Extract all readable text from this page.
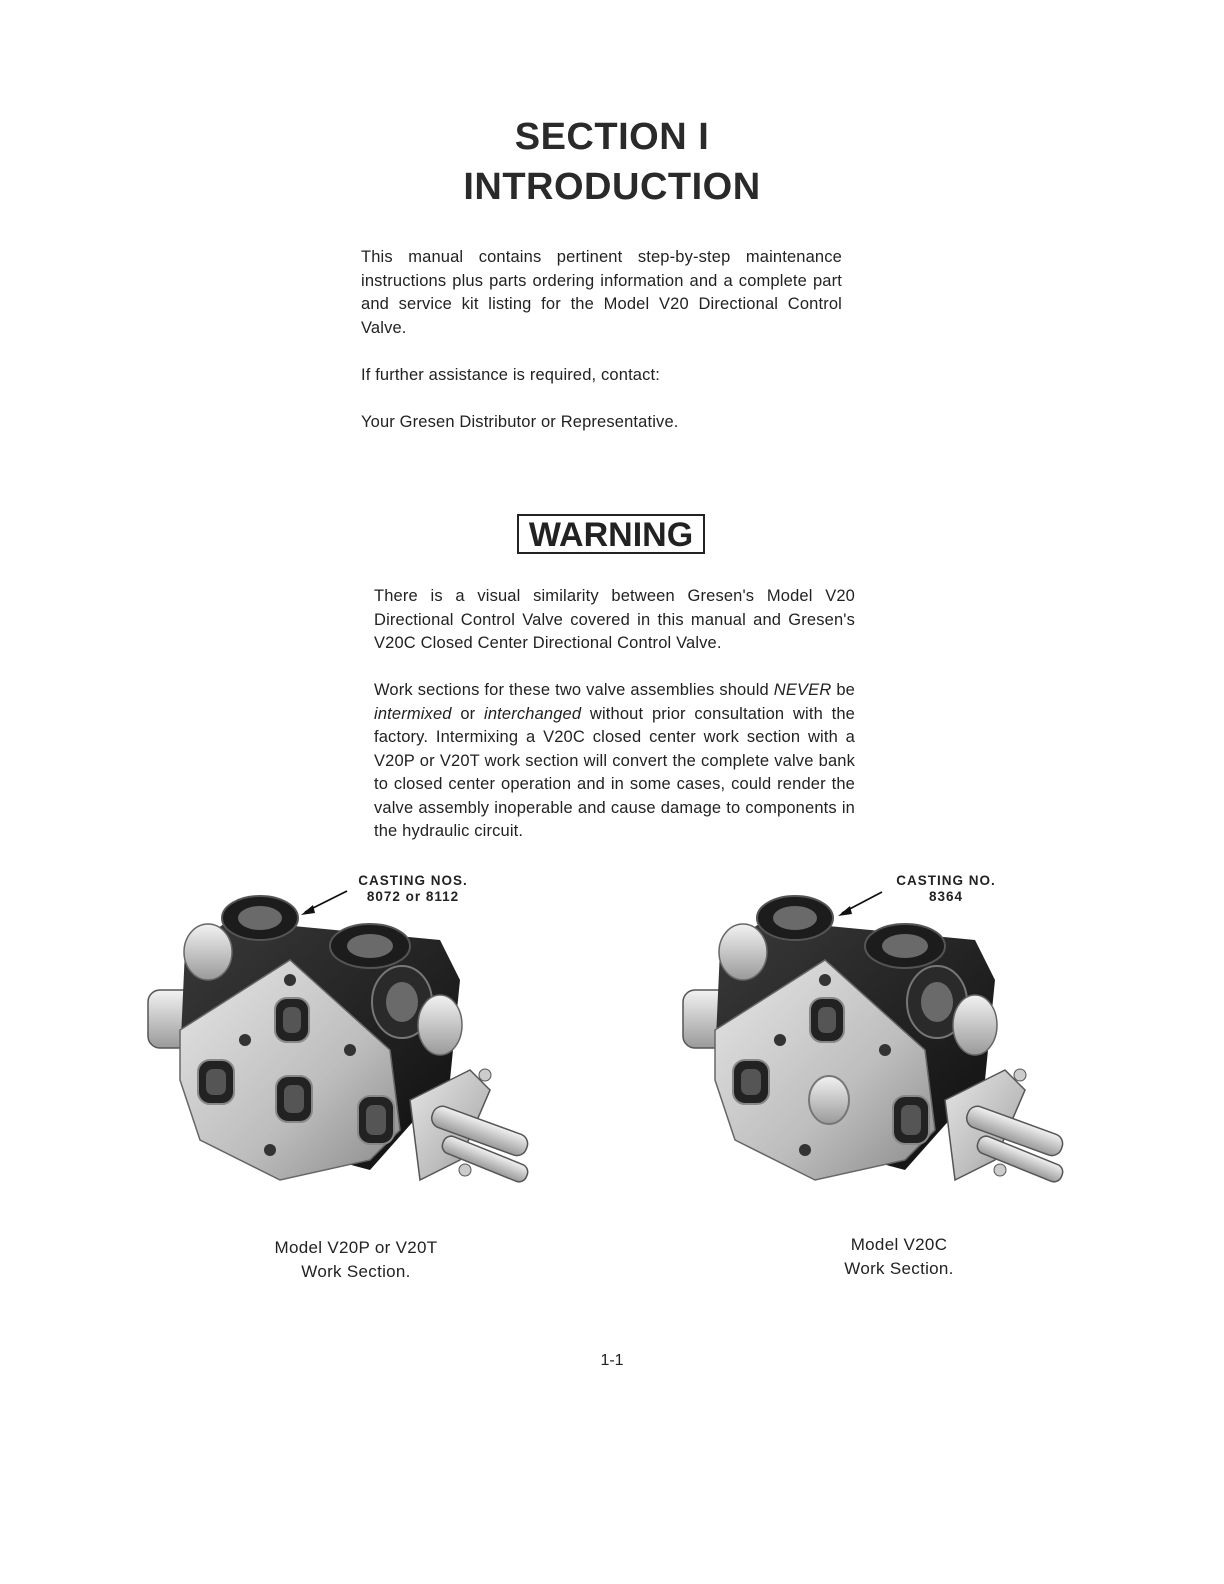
SECTION I
INTRODUCTION
This manual contains pertinent step-by-step maintenance instructions plus parts ordering information and a complete part and service kit listing for the Model V20 Directional Control Valve.
If further assistance is required, contact:
Your Gresen Distributor or Representative.
WARNING
There is a visual similarity between Gresen's Model V20 Directional Control Valve covered in this manual and Gresen's V20C Closed Center Directional Control Valve.
Work sections for these two valve assemblies should NEVER be intermixed or interchanged without prior consultation with the factory. Intermixing a V20C closed center work section with a V20P or V20T work section will convert the complete valve bank to closed center operation and in some cases, could render the valve assembly inoperable and cause damage to components in the hydraulic circuit.
CASTING NOS.
8072 or 8112
CASTING NO.
8364
Model V20P or V20T
Work Section.
Model V20C
Work Section.
1-1
